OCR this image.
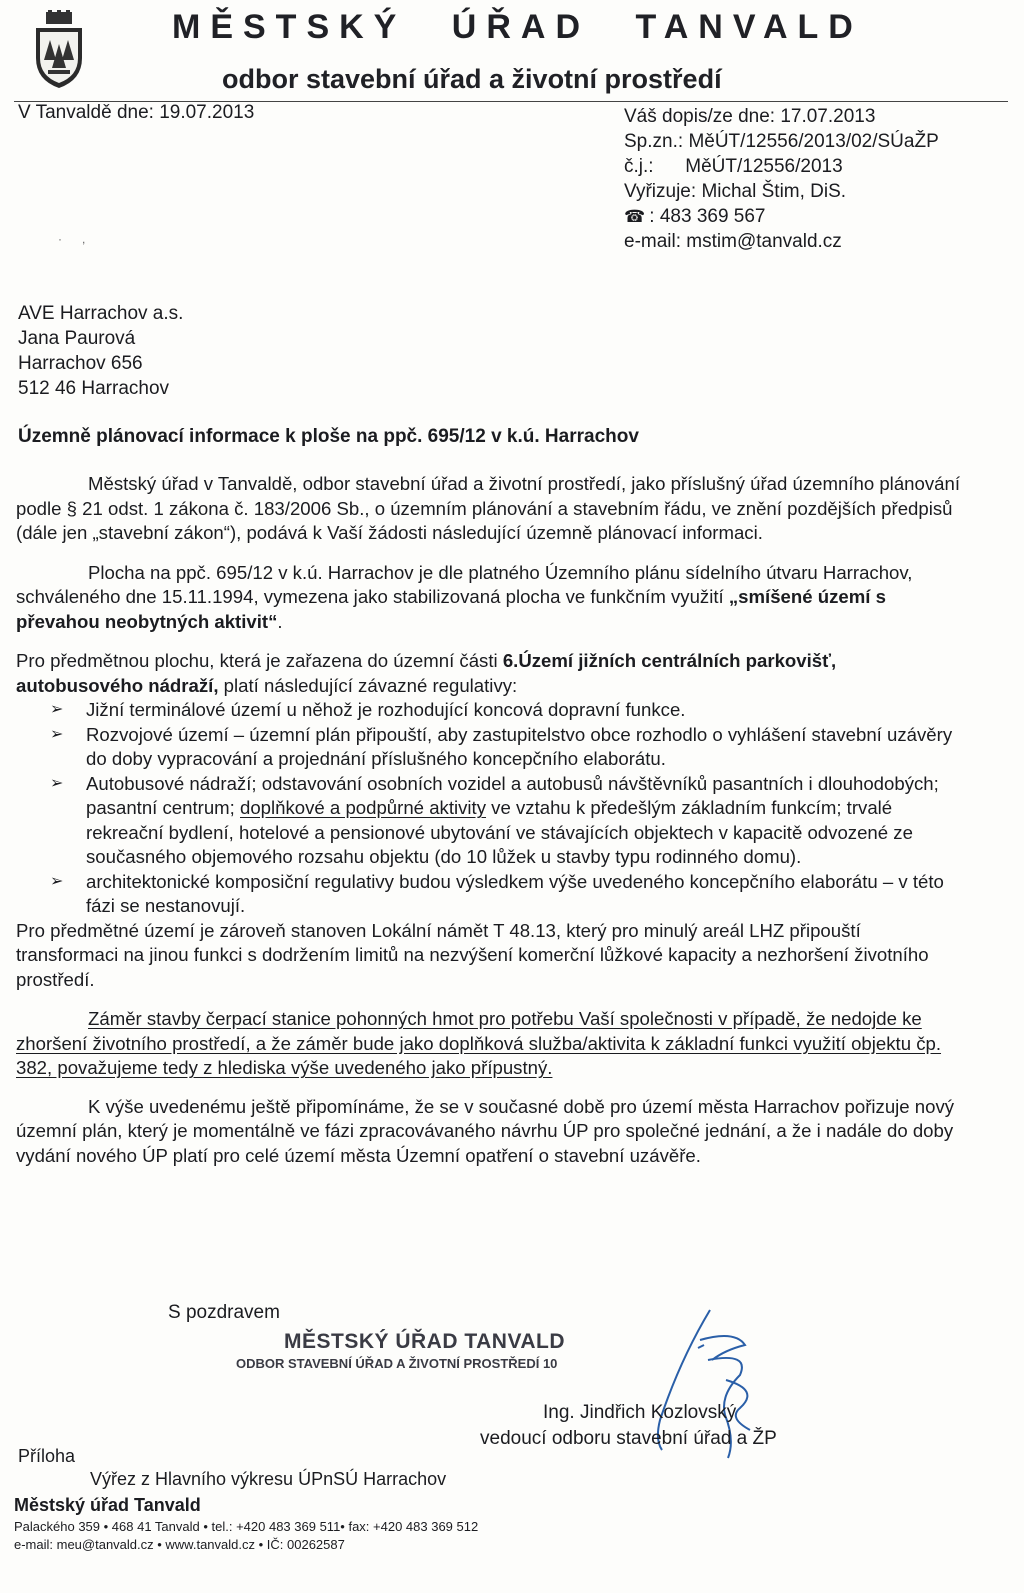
MĚSTSKÝ ÚŘAD TANVALD
odbor stavební úřad a životní prostředí
V Tanvaldě dne: 19.07.2013	Váš dopis/ze dne: 17.07.2013
Sp.zn.: MěÚT/12556/2013/02/SÚaŽP
č.j.: MěÚT/12556/2013
Vyřizuje: Michal Štim, DiS.
☎ : 483 369 567
e-mail: mstim@tanvald.cz
·      ,
AVE Harrachov a.s.
Jana Paurová
Harrachov 656
512 46 Harrachov
Územně plánovací informace k ploše na ppč. 695/12 v k.ú. Harrachov

Městský úřad v Tanvaldě, odbor stavební úřad a životní prostředí, jako příslušný úřad územního plánování podle § 21 odst. 1 zákona č. 183/2006 Sb., o územním plánování a stavebním řádu, ve znění pozdějších předpisů (dále jen „stavební zákon“), podává k Vaší žádosti následující územně plánovací informaci.

Plocha na ppč. 695/12 v k.ú. Harrachov je dle platného Územního plánu sídelního útvaru Harrachov, schváleného dne 15.11.1994, vymezena jako stabilizovaná plocha ve funkčním využití „smíšené území s převahou neobytných aktivit“.

Pro předmětnou plochu, která je zařazena do územní části 6.Území jižních centrálních parkovišť, autobusového nádraží, platí následující závazné regulativy:

➢ Jižní terminálové území u něhož je rozhodující koncová dopravní funkce.
➢ Rozvojové území – územní plán připouští, aby zastupitelstvo obce rozhodlo o vyhlášení stavební uzávěry do doby vypracování a projednání příslušného koncepčního elaborátu.
➢ Autobusové nádraží; odstavování osobních vozidel a autobusů návštěvníků pasantních i dlouhodobých; pasantní centrum; doplňkové a podpůrné aktivity ve vztahu k předešlým základním funkcím; trvalé rekreační bydlení, hotelové a pensionové ubytování ve stávajících objektech v kapacitě odvozené ze současného objemového rozsahu objektu (do 10 lůžek u stavby typu rodinného domu).
➢ architektonické komposiční regulativy budou výsledkem výše uvedeného koncepčního elaborátu – v této fázi se nestanovují.

Pro předmětné území je zároveň stanoven Lokální námět T 48.13, který pro minulý areál LHZ připouští transformaci na jinou funkci s dodržením limitů na nezvýšení komerční lůžkové kapacity a nezhoršení životního prostředí.

Záměr stavby čerpací stanice pohonných hmot pro potřebu Vaší společnosti v případě, že nedojde ke zhoršení životního prostředí, a že záměr bude jako doplňková služba/aktivita k základní funkci využití objektu čp. 382, považujeme tedy z hlediska výše uvedeného jako přípustný.

K výše uvedenému ještě připomínáme, že se v současné době pro území města Harrachov pořizuje nový územní plán, který je momentálně ve fázi zpracovávaného návrhu ÚP pro společné jednání, a že i nadále do doby vydání nového ÚP platí pro celé území města Územní opatření o stavební uzávěře.

S pozdravem
MĚSTSKÝ ÚŘAD TANVALD
ODBOR STAVEBNÍ ÚŘAD A ŽIVOTNÍ PROSTŘEDÍ 10
Ing. Jindřich Kozlovský
vedoucí odboru stavební úřad a ŽP
Příloha
Výřez z Hlavního výkresu ÚPnSÚ Harrachov
Městský úřad Tanvald
Palackého 359 • 468 41 Tanvald • tel.: +420 483 369 511• fax: +420 483 369 512
e-mail: meu@tanvald.cz • www.tanvald.cz • IČ: 00262587
